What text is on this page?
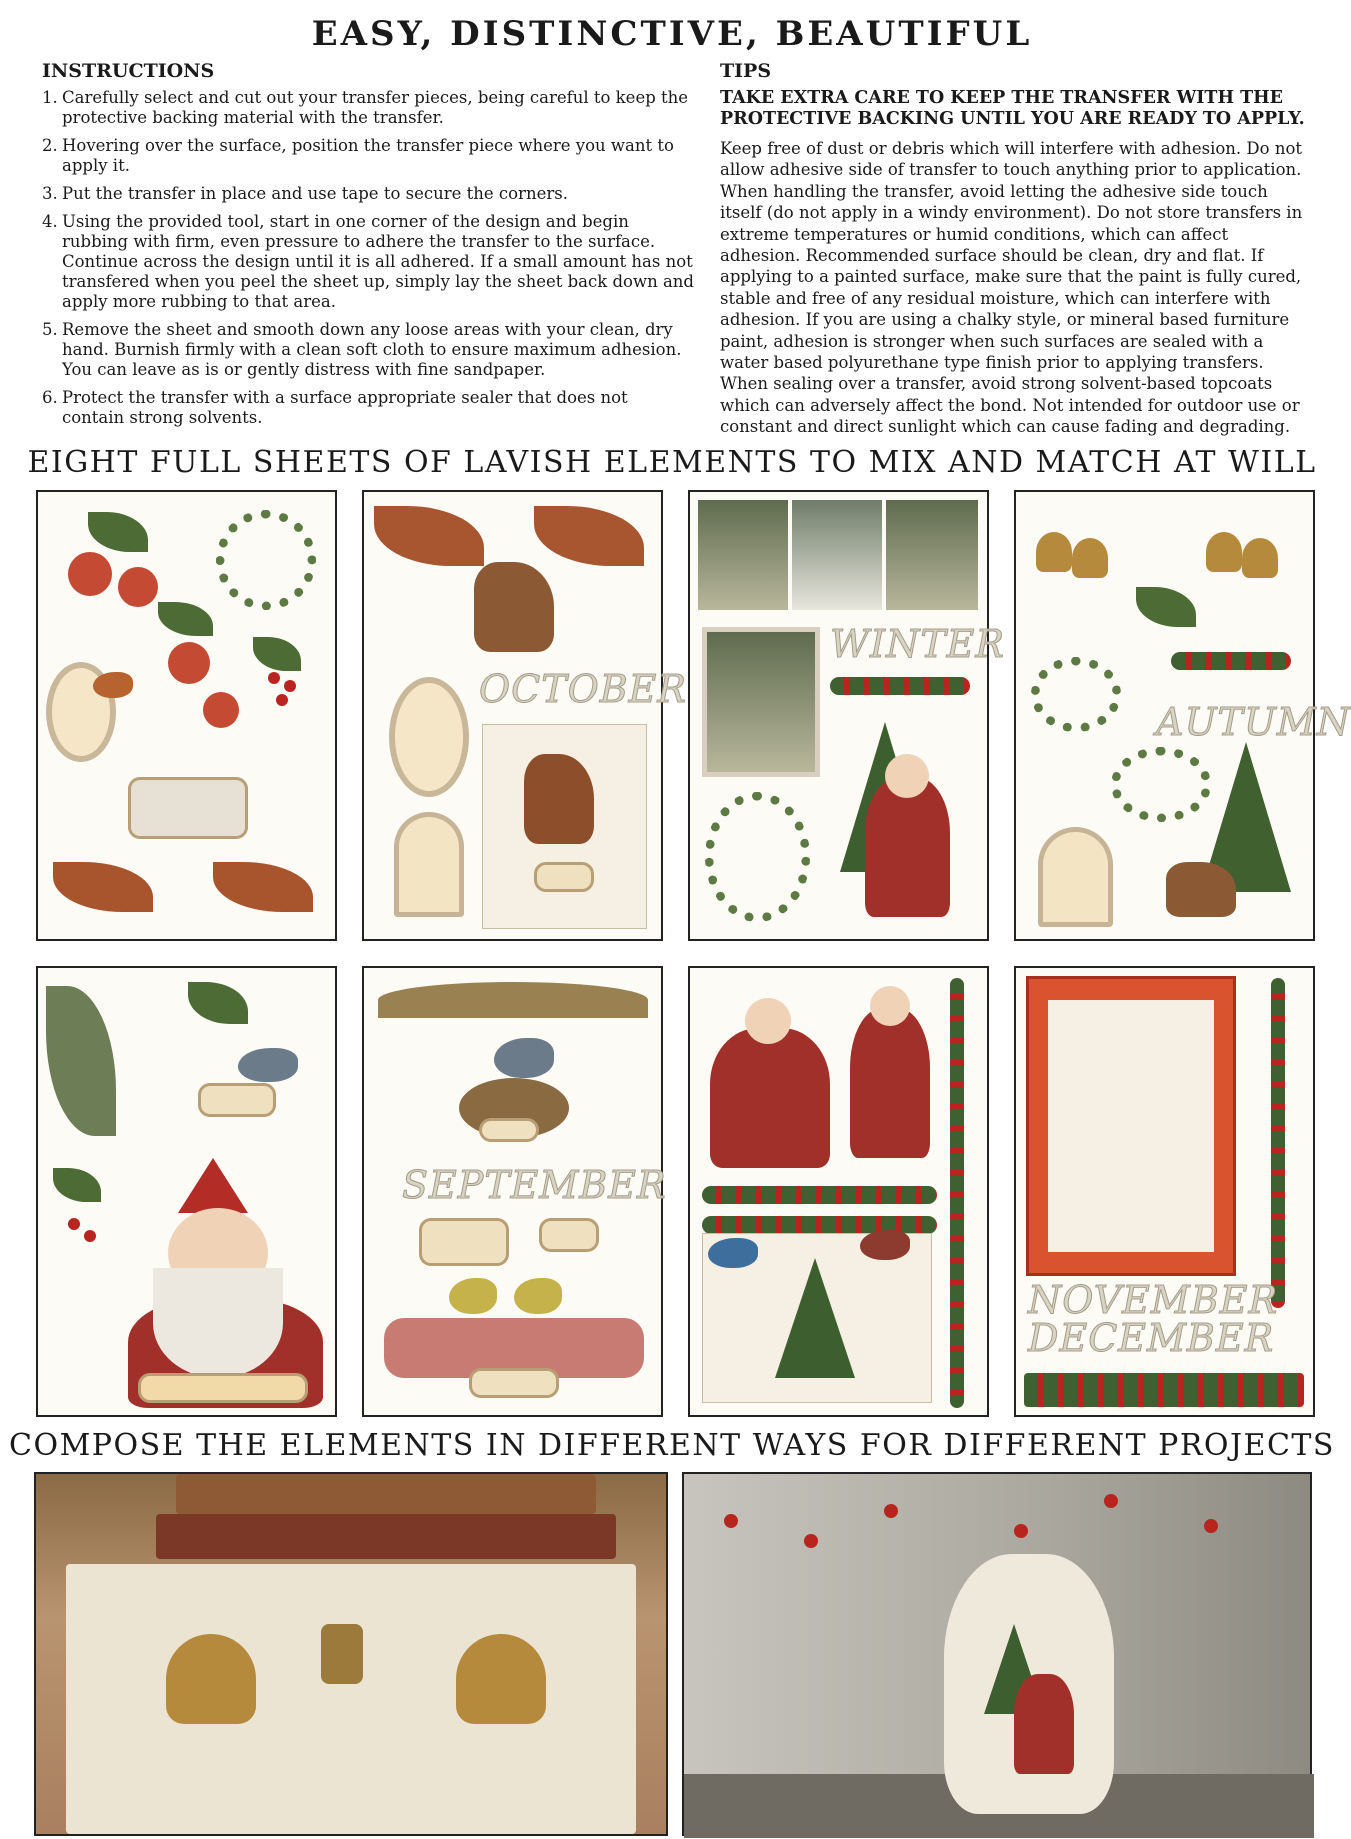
EASY, DISTINCTIVE, BEAUTIFUL
INSTRUCTIONS
1. Carefully select and cut out your transfer pieces, being careful to keep the protective backing material with the transfer.
2. Hovering over the surface, position the transfer piece where you want to apply it.
3. Put the transfer in place and use tape to secure the corners.
4. Using the provided tool, start in one corner of the design and begin rubbing with firm, even pressure to adhere the transfer to the surface. Continue across the design until it is all adhered. If a small amount has not transfered when you peel the sheet up, simply lay the sheet back down and apply more rubbing to that area.
5. Remove the sheet and smooth down any loose areas with your clean, dry hand. Burnish firmly with a clean soft cloth to ensure maximum adhesion. You can leave as is or gently distress with fine sandpaper.
6. Protect the transfer with a surface appropriate sealer that does not contain strong solvents.
TIPS
TAKE EXTRA CARE TO KEEP THE TRANSFER WITH THE PROTECTIVE BACKING UNTIL YOU ARE READY TO APPLY.
Keep free of dust or debris which will interfere with adhesion. Do not allow adhesive side of transfer to touch anything prior to application. When handling the transfer, avoid letting the adhesive side touch itself (do not apply in a windy environment). Do not store transfers in extreme temperatures or humid conditions, which can affect adhesion. Recommended surface should be clean, dry and flat. If applying to a painted surface, make sure that the paint is fully cured, stable and free of any residual moisture, which can interfere with adhesion. If you are using a chalky style, or mineral based furniture paint, adhesion is stronger when such surfaces are sealed with a water based polyurethane type finish prior to applying transfers. When sealing over a transfer, avoid strong solvent-based topcoats which can adversely affect the bond. Not intended for outdoor use or constant and direct sunlight which can cause fading and degrading.
EIGHT FULL SHEETS OF LAVISH ELEMENTS TO MIX AND MATCH AT WILL
OCTOBER
WINTER
AUTUMN
SEPTEMBER
NOVEMBER
DECEMBER
COMPOSE THE ELEMENTS IN DIFFERENT WAYS FOR DIFFERENT PROJECTS
